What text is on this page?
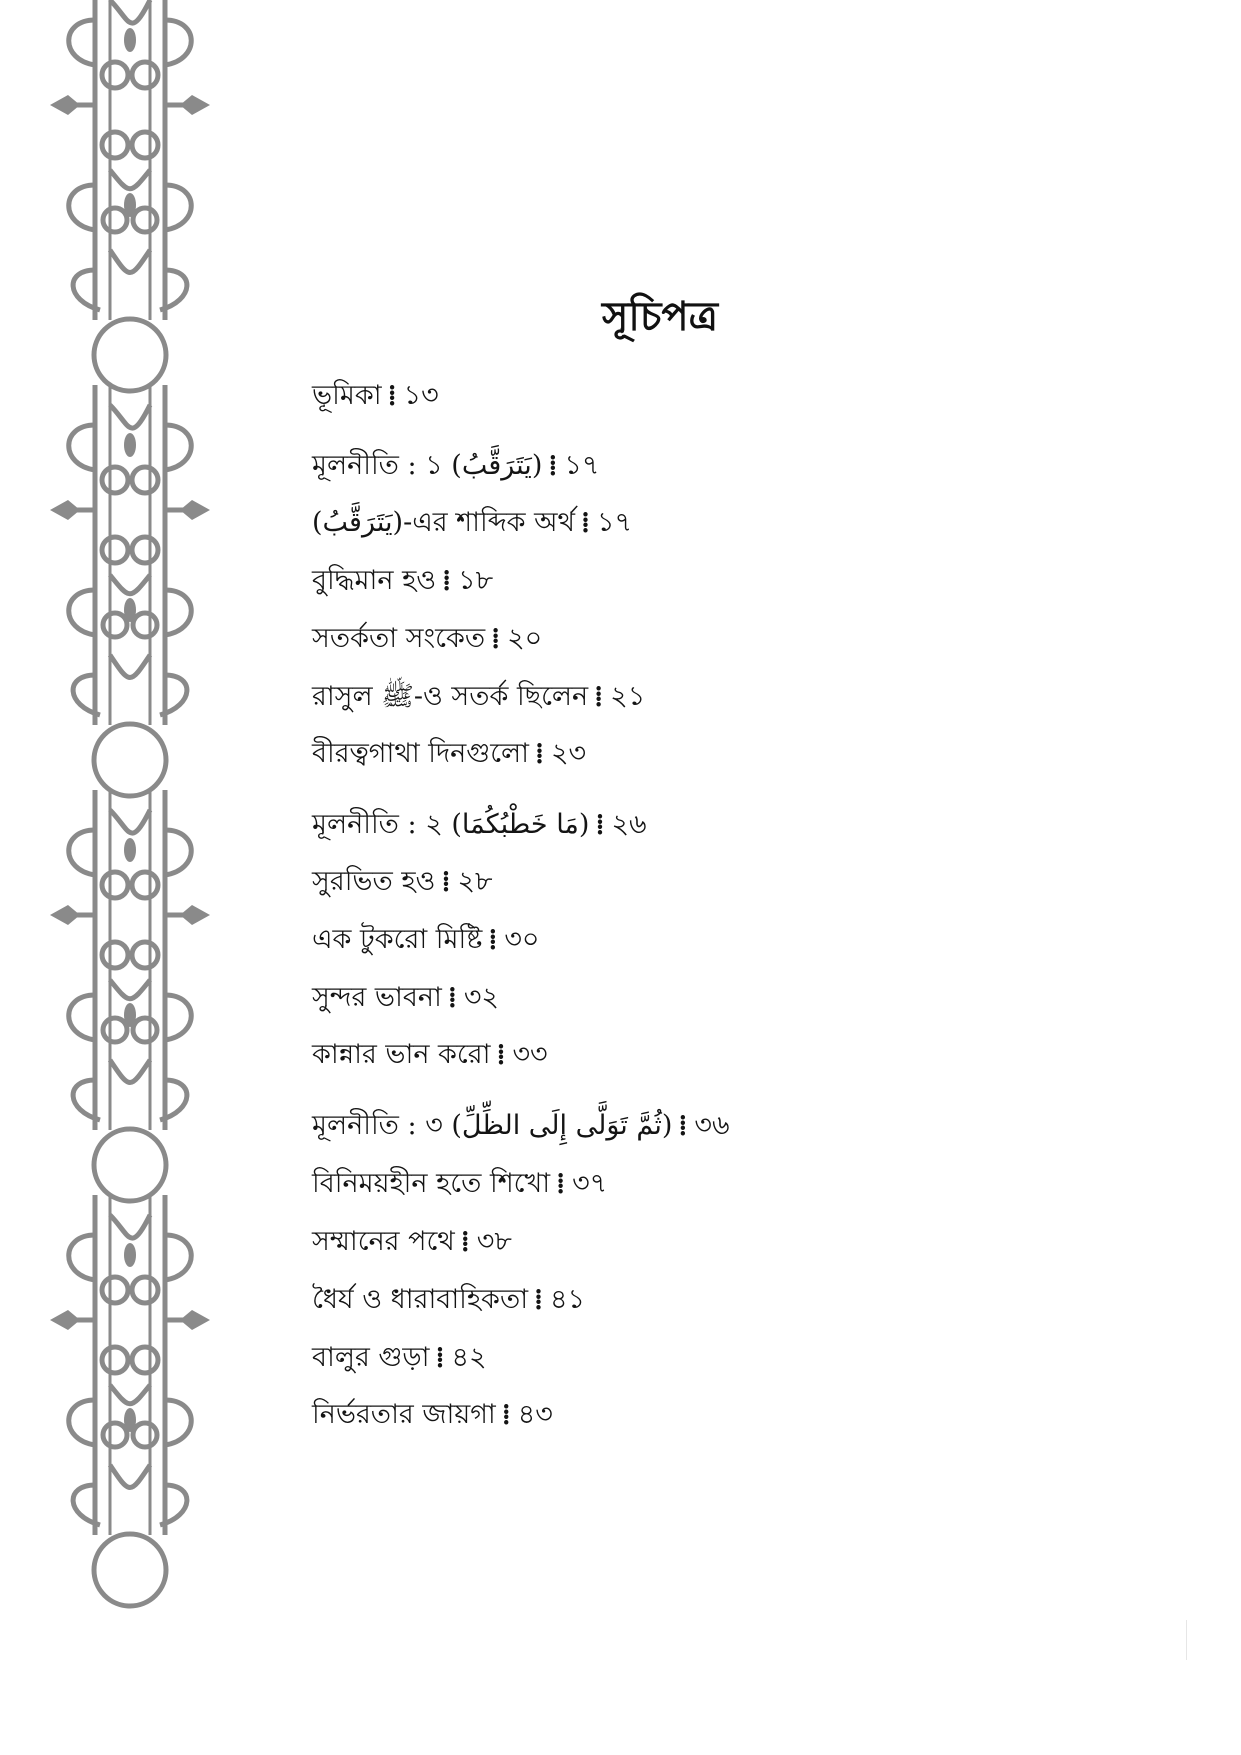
সূচিপত্র
ভূমিকা ⁞ ১৩
মূলনীতি : ১ (يَتَرَقَّبُ) ⁞ ১৭
(يَتَرَقَّبُ)-এর শাব্দিক অর্থ ⁞ ১৭
বুদ্ধিমান হও ⁞ ১৮
সতর্কতা সংকেত ⁞ ২০
রাসুল ﷺ-ও সতর্ক ছিলেন ⁞ ২১
বীরত্বগাথা দিনগুলো ⁞ ২৩
মূলনীতি : ২ (مَا خَطْبُكُمَا) ⁞ ২৬
সুরভিত হও ⁞ ২৮
এক টুকরো মিষ্টি ⁞ ৩০
সুন্দর ভাবনা ⁞ ৩২
কান্নার ভান করো ⁞ ৩৩
মূলনীতি : ৩ (ثُمَّ تَوَلَّى إِلَى الظِّلِّ) ⁞ ৩৬
বিনিময়হীন হতে শিখো ⁞ ৩৭
সম্মানের পথে ⁞ ৩৮
ধৈর্য ও ধারাবাহিকতা ⁞ ৪১
বালুর গুড়া ⁞ ৪২
নির্ভরতার জায়গা ⁞ ৪৩
